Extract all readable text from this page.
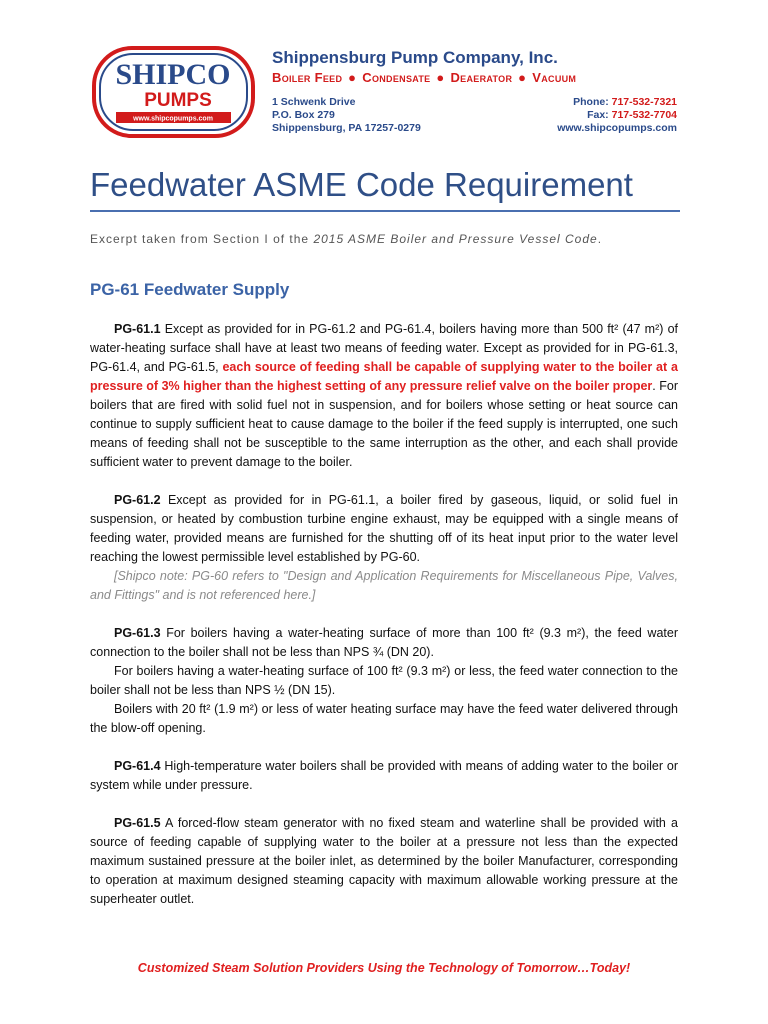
SHIPCO
PUMPS
www.shipcopumps.com
Shippensburg Pump Company, Inc.
Boiler Feed ● Condensate ● Deaerator ● Vacuum
1 Schwenk Drive
P.O. Box 279
Shippensburg, PA 17257-0279
Phone: 717-532-7321
Fax: 717-532-7704
www.shipcopumps.com
Feedwater ASME Code Requirement
Excerpt taken from Section I of the 2015 ASME Boiler and Pressure Vessel Code.
PG-61 Feedwater Supply

PG-61.1 Except as provided for in PG-61.2 and PG-61.4, boilers having more than 500 ft² (47 m²) of water-heating surface shall have at least two means of feeding water. Except as provided for in PG-61.3, PG-61.4, and PG-61.5, each source of feeding shall be capable of supplying water to the boiler at a pressure of 3% higher than the highest setting of any pressure relief valve on the boiler proper. For boilers that are fired with solid fuel not in suspension, and for boilers whose setting or heat source can continue to supply sufficient heat to cause damage to the boiler if the feed supply is interrupted, one such means of feeding shall not be susceptible to the same interruption as the other, and each shall provide sufficient water to prevent damage to the boiler.

PG-61.2 Except as provided for in PG-61.1, a boiler fired by gaseous, liquid, or solid fuel in suspension, or heated by combustion turbine engine exhaust, may be equipped with a single means of feeding water, provided means are furnished for the shutting off of its heat input prior to the water level reaching the lowest permissible level established by PG-60.

[Shipco note: PG-60 refers to "Design and Application Requirements for Miscellaneous Pipe, Valves, and Fittings" and is not referenced here.]

PG-61.3 For boilers having a water-heating surface of more than 100 ft² (9.3 m²), the feed water connection to the boiler shall not be less than NPS ¾ (DN 20).

For boilers having a water-heating surface of 100 ft² (9.3 m²) or less, the feed water connection to the boiler shall not be less than NPS ½ (DN 15).

Boilers with 20 ft² (1.9 m²) or less of water heating surface may have the feed water delivered through the blow-off opening.

PG-61.4 High-temperature water boilers shall be provided with means of adding water to the boiler or system while under pressure.

PG-61.5 A forced-flow steam generator with no fixed steam and waterline shall be provided with a source of feeding capable of supplying water to the boiler at a pressure not less than the expected maximum sustained pressure at the boiler inlet, as determined by the boiler Manufacturer, corresponding to operation at maximum designed steaming capacity with maximum allowable working pressure at the superheater outlet.

Customized Steam Solution Providers Using the Technology of Tomorrow…Today!
